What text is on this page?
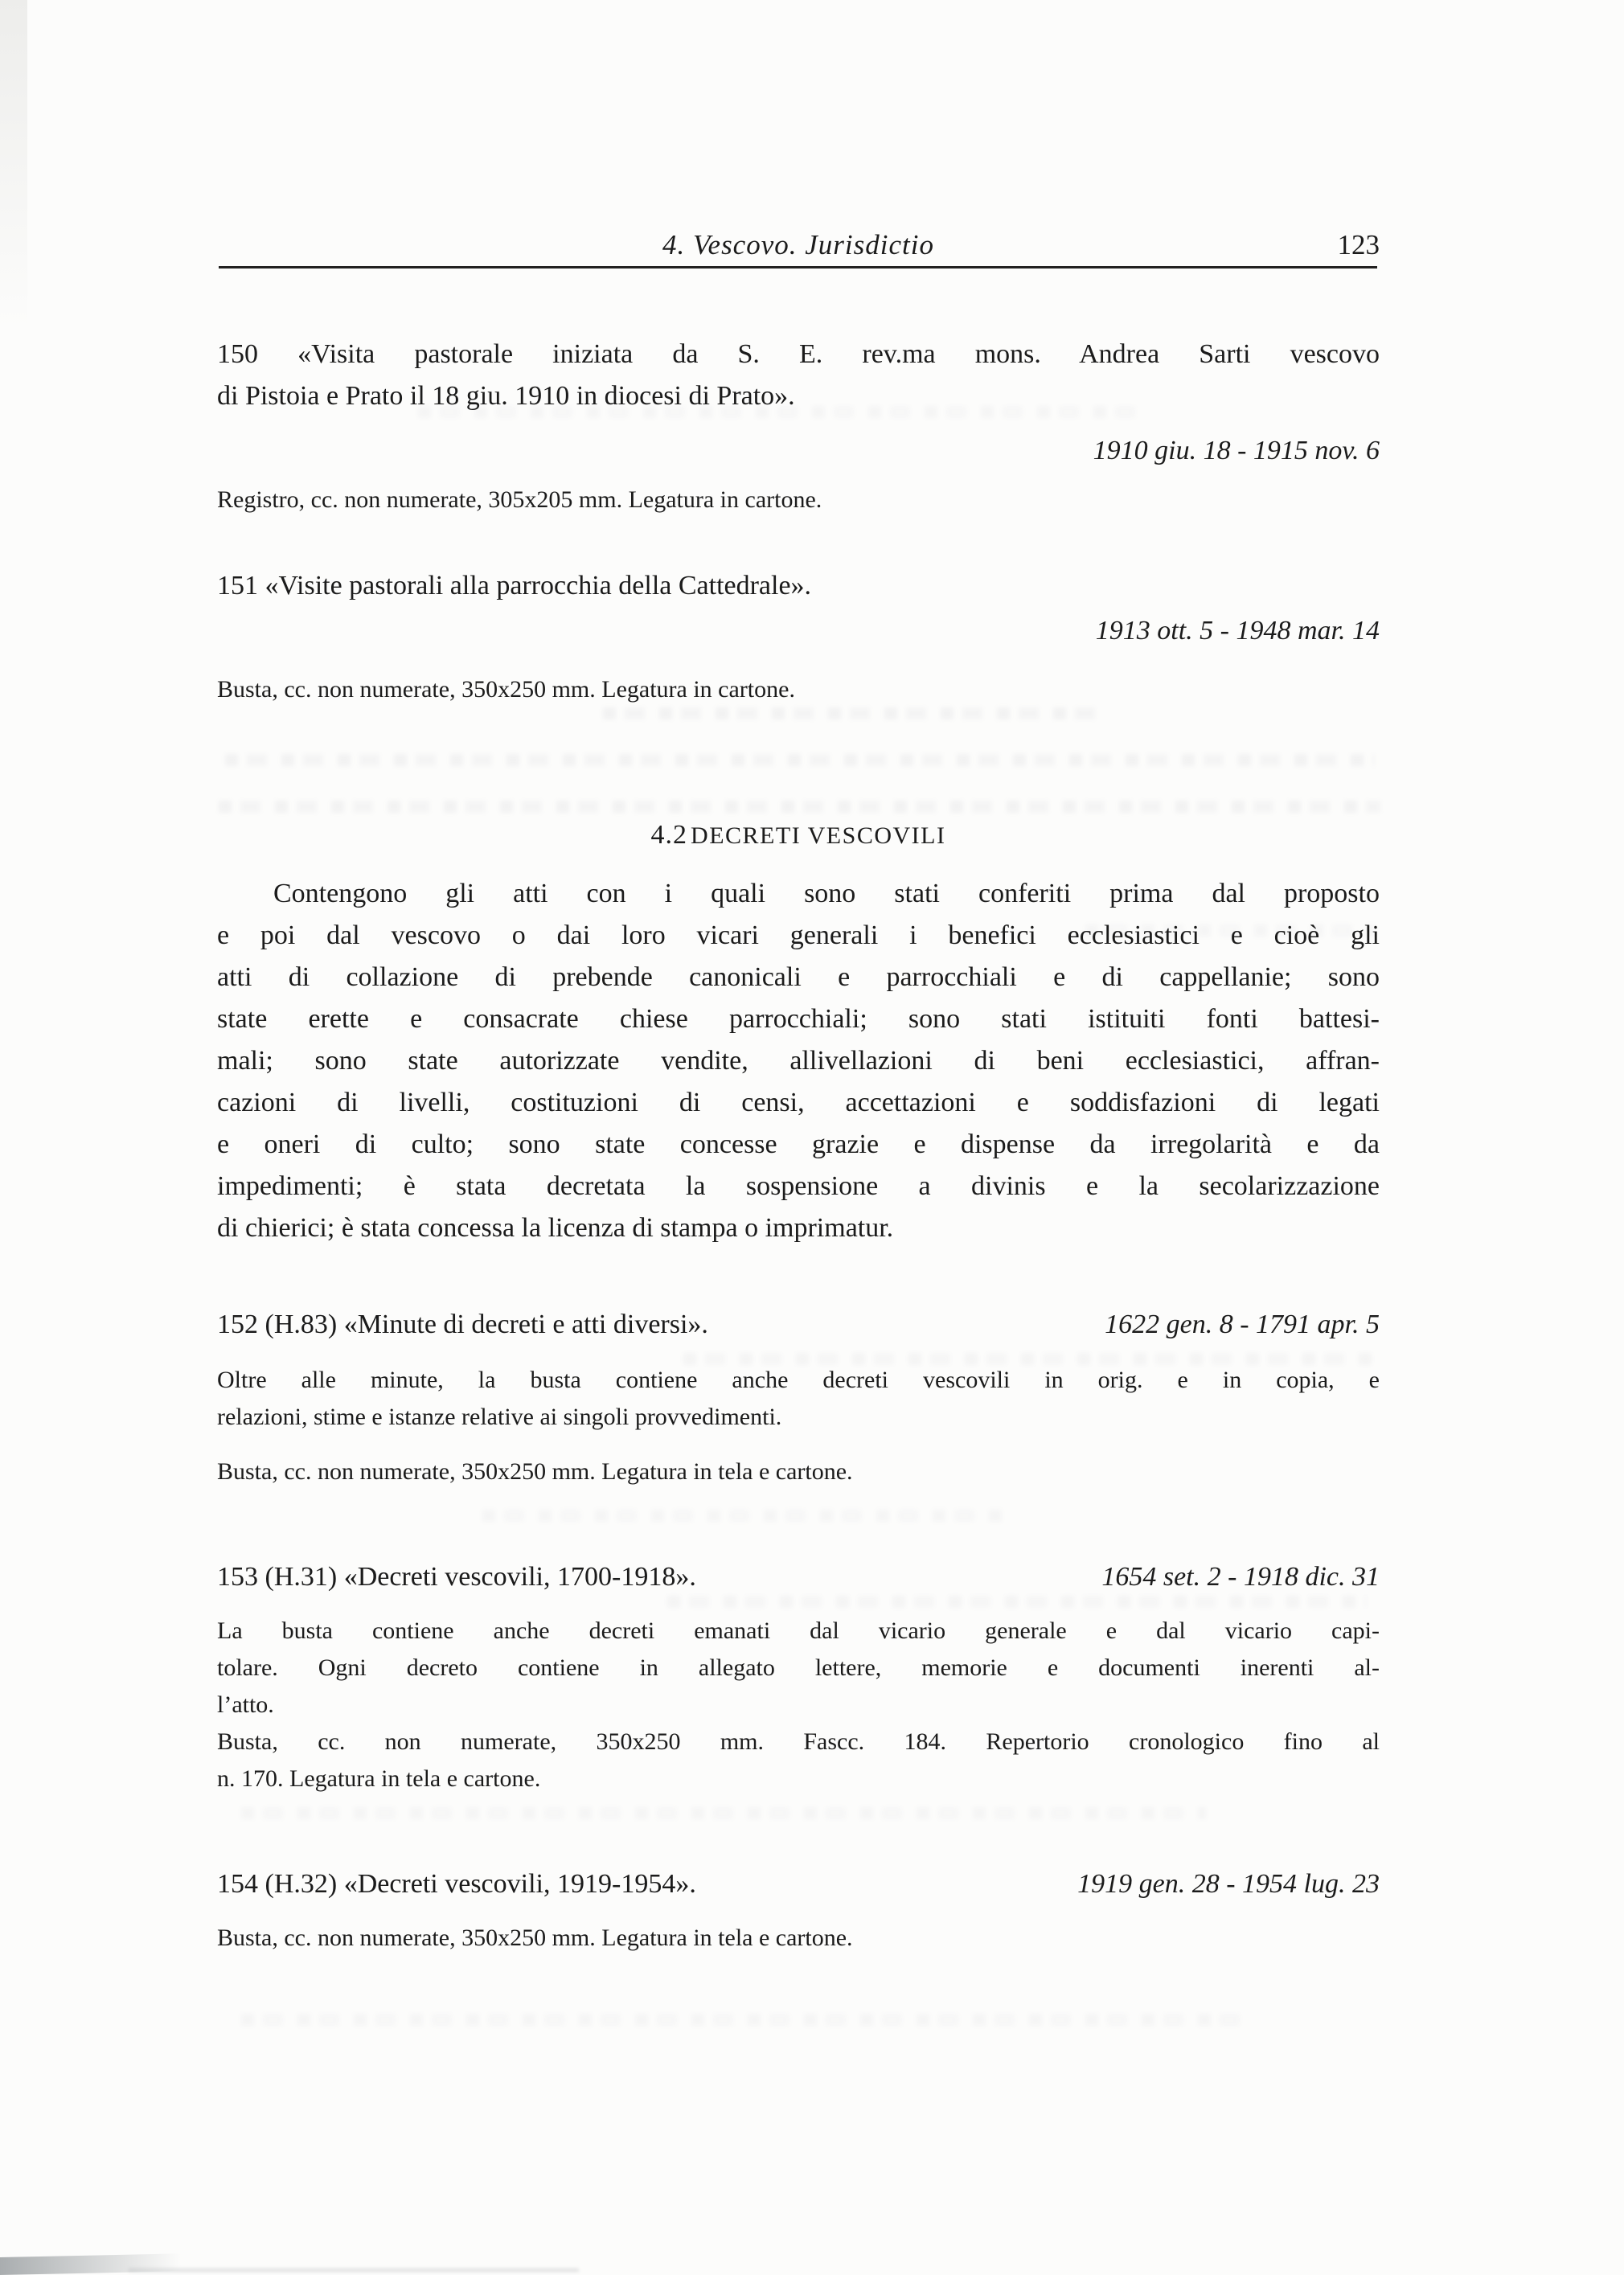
4. Vescovo. Jurisdictio	123
150 «Visita pastorale iniziata da S. E. rev.ma mons. Andrea Sarti vescovo
di Pistoia e Prato il 18 giu. 1910 in diocesi di Prato».
1910 giu. 18 - 1915 nov. 6
Registro, cc. non numerate, 305x205 mm. Legatura in cartone.
151 «Visite pastorali alla parrocchia della Cattedrale».
1913 ott. 5 - 1948 mar. 14
Busta, cc. non numerate, 350x250 mm. Legatura in cartone.
4.2 DECRETI VESCOVILI
Contengono gli atti con i quali sono stati conferiti prima dal proposto
e poi dal vescovo o dai loro vicari generali i benefici ecclesiastici e cioè gli
atti di collazione di prebende canonicali e parrocchiali e di cappellanie; sono
state erette e consacrate chiese parrocchiali; sono stati istituiti fonti battesi-
mali; sono state autorizzate vendite, allivellazioni di beni ecclesiastici, affran-
cazioni di livelli, costituzioni di censi, accettazioni e soddisfazioni di legati
e oneri di culto; sono state concesse grazie e dispense da irregolarità e da
impedimenti; è stata decretata la sospensione a divinis e la secolarizzazione
di chierici; è stata concessa la licenza di stampa o imprimatur.
152 (H.83) «Minute di decreti e atti diversi».	1622 gen. 8 - 1791 apr. 5
Oltre alle minute, la busta contiene anche decreti vescovili in orig. e in copia, e
relazioni, stime e istanze relative ai singoli provvedimenti.
Busta, cc. non numerate, 350x250 mm. Legatura in tela e cartone.
153 (H.31) «Decreti vescovili, 1700-1918».	1654 set. 2 - 1918 dic. 31
La busta contiene anche decreti emanati dal vicario generale e dal vicario capi-
tolare. Ogni decreto contiene in allegato lettere, memorie e documenti inerenti al-
l’atto.
Busta, cc. non numerate, 350x250 mm. Fascc. 184. Repertorio cronologico fino al
n. 170. Legatura in tela e cartone.
154 (H.32) «Decreti vescovili, 1919-1954».	1919 gen. 28 - 1954 lug. 23
Busta, cc. non numerate, 350x250 mm. Legatura in tela e cartone.
